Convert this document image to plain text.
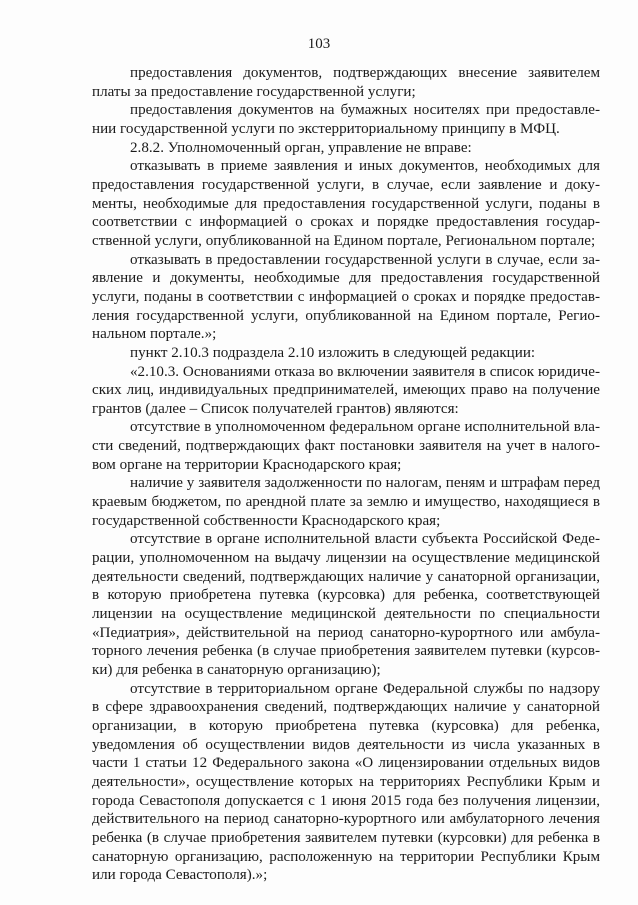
103

предоставления документов, подтверждающих внесение заявителем платы за предоставление государственной услуги;

предоставления документов на бумажных носителях при предоставлении государственной услуги по экстерриториальному принципу в МФЦ.

2.8.2. Уполномоченный орган, управление не вправе:

отказывать в приеме заявления и иных документов, необходимых для предоставления государственной услуги, в случае, если заявление и документы, необходимые для предоставления государственной услуги, поданы в соответствии с информацией о сроках и порядке предоставления государственной услуги, опубликованной на Едином портале, Региональном портале;

отказывать в предоставлении государственной услуги в случае, если заявление и документы, необходимые для предоставления государственной услуги, поданы в соответствии с информацией о сроках и порядке предоставления государственной услуги, опубликованной на Едином портале, Региональном портале.»;

пункт 2.10.3 подраздела 2.10 изложить в следующей редакции:

«2.10.3. Основаниями отказа во включении заявителя в список юридических лиц, индивидуальных предпринимателей, имеющих право на получение грантов (далее – Список получателей грантов) являются:

отсутствие в уполномоченном федеральном органе исполнительной власти сведений, подтверждающих факт постановки заявителя на учет в налоговом органе на территории Краснодарского края;

наличие у заявителя задолженности по налогам, пеням и штрафам перед краевым бюджетом, по арендной плате за землю и имущество, находящиеся в государственной собственности Краснодарского края;

отсутствие в органе исполнительной власти субъекта Российской Федерации, уполномоченном на выдачу лицензии на осуществление медицинской деятельности сведений, подтверждающих наличие у санаторной организации, в которую приобретена путевка (курсовка) для ребенка, соответствующей лицензии на осуществление медицинской деятельности по специальности «Педиатрия», действительной на период санаторно-курортного или амбулаторного лечения ребенка (в случае приобретения заявителем путевки (курсовки) для ребенка в санаторную организацию);

отсутствие в территориальном органе Федеральной службы по надзору в сфере здравоохранения сведений, подтверждающих наличие у санаторной организации, в которую приобретена путевка (курсовка) для ребенка, уведомления об осуществлении видов деятельности из числа указанных в части 1 статьи 12 Федерального закона «О лицензировании отдельных видов деятельности», осуществление которых на территориях Республики Крым и города Севастополя допускается с 1 июня 2015 года без получения лицензии, действительного на период санаторно-курортного или амбулаторного лечения ребенка (в случае приобретения заявителем путевки (курсовки) для ребенка в санаторную организацию, расположенную на территории Республики Крым или города Севастополя).»;
